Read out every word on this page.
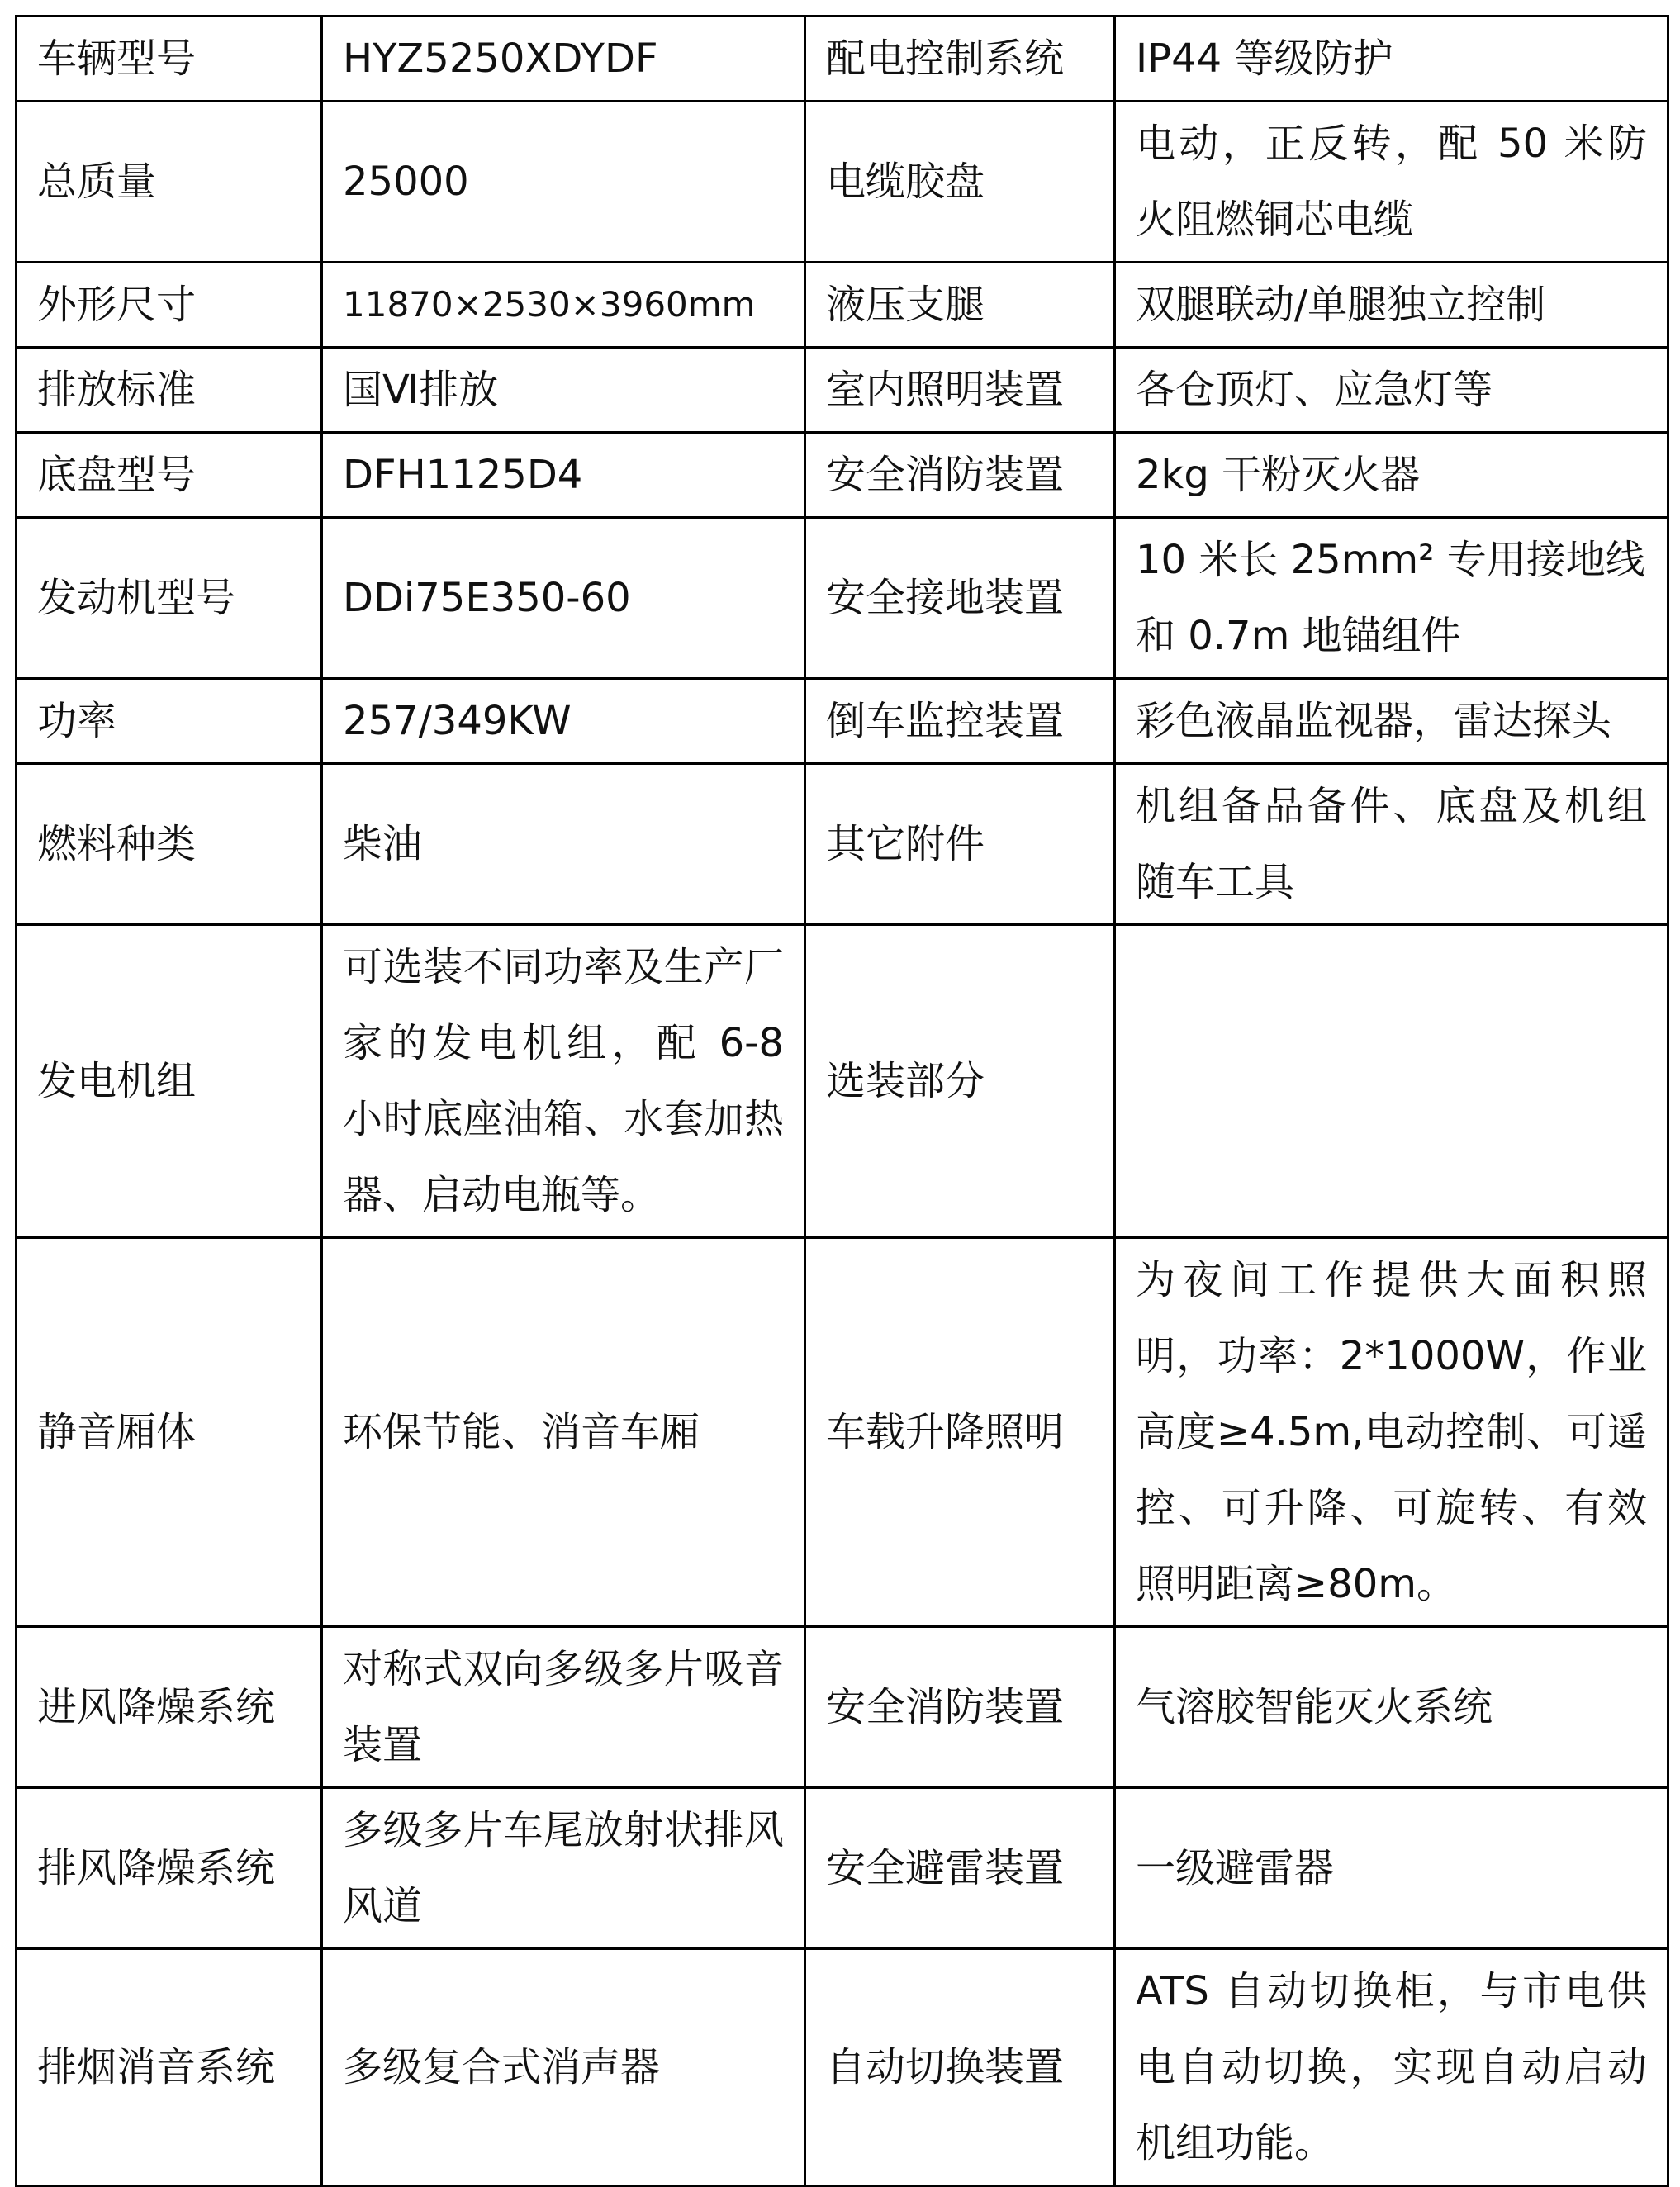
车辆型号	HYZ5250XDYDF	配电控制系统	IP44 等级防护
总质量	25000	电缆胶盘	电动，正反转，配 50 米防火阻燃铜芯电缆
外形尺寸	11870×2530×3960mm	液压支腿	双腿联动/单腿独立控制
排放标准	国Ⅵ排放	室内照明装置	各仓顶灯、应急灯等
底盘型号	DFH1125D4	安全消防装置	2kg 干粉灭火器
发动机型号	DDi75E350-60	安全接地装置	10 米长 25mm² 专用接地线和 0.7m 地锚组件
功率	257/349KW	倒车监控装置	彩色液晶监视器，雷达探头
燃料种类	柴油	其它附件	机组备品备件、底盘及机组随车工具
发电机组	可选装不同功率及生产厂家的发电机组，配 6-8 小时底座油箱、水套加热器、启动电瓶等。	选装部分	
静音厢体	环保节能、消音车厢	车载升降照明	为夜间工作提供大面积照明，功率：2*1000W，作业高度≥4.5m,电动控制、可遥控、可升降、可旋转、有效照明距离≥80m。
进风降燥系统	对称式双向多级多片吸音装置	安全消防装置	气溶胶智能灭火系统
排风降燥系统	多级多片车尾放射状排风风道	安全避雷装置	一级避雷器
排烟消音系统	多级复合式消声器	自动切换装置	ATS 自动切换柜，与市电供电自动切换，实现自动启动机组功能。
